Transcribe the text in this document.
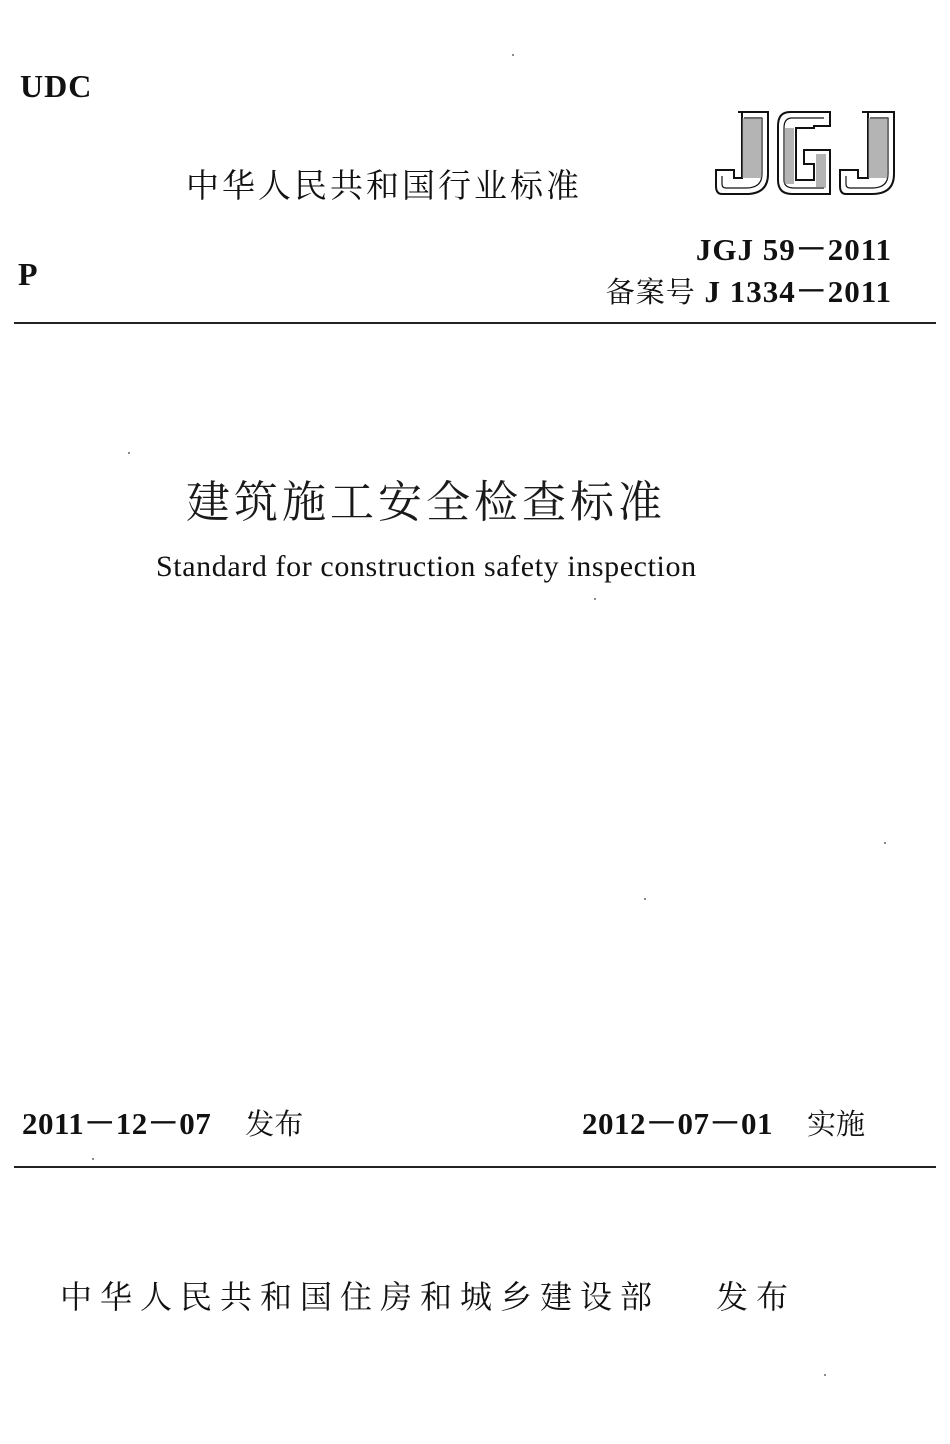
UDC
中华人民共和国行业标准
P
JGJ 59－2011
备案号 J 1334－2011
建筑施工安全检查标准
Standard for construction safety inspection
2011－12－07 发布	2012－07－01 实施
中华人民共和国住房和城乡建设部 发布
